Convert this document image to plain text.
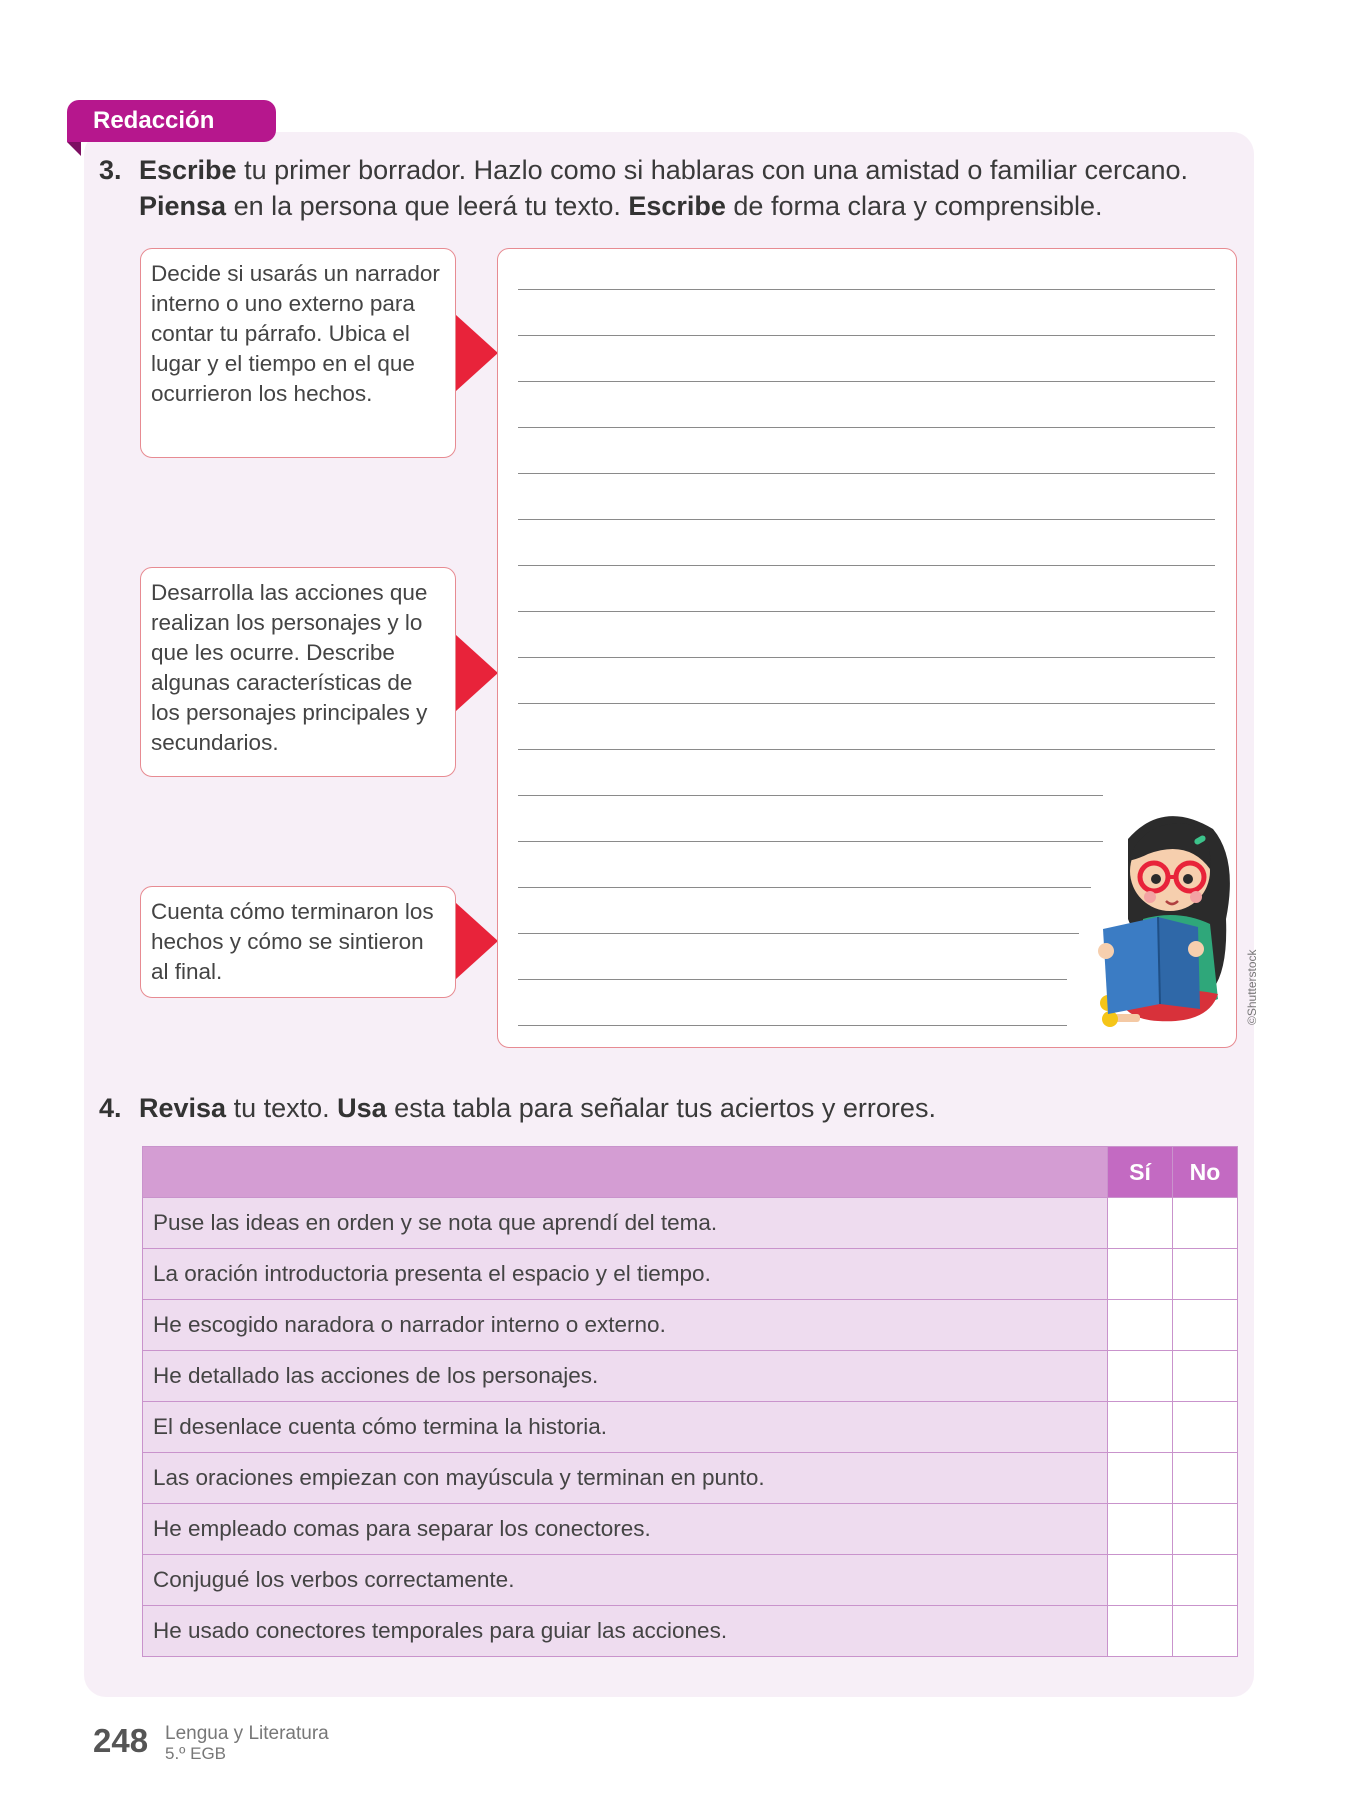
Redacción
3. Escribe tu primer borrador. Hazlo como si hablaras con una amistad o familiar cercano.
Piensa en la persona que leerá tu texto. Escribe de forma clara y comprensible.
Decide si usarás un narrador interno o uno externo para contar tu párrafo. Ubica el lugar y el tiempo en el que ocurrieron los hechos.
Desarrolla las acciones que realizan los personajes y lo que les ocurre. Describe algunas características de los personajes principales y secundarios.
Cuenta cómo terminaron los hechos y cómo se sintieron al final.	©Shutterstock
4. Revisa tu texto. Usa esta tabla para señalar tus aciertos y errores.
	Sí	No
Puse las ideas en orden y se nota que aprendí del tema.		
La oración introductoria presenta el espacio y el tiempo.		
He escogido naradora o narrador interno o externo.		
He detallado las acciones de los personajes.		
El desenlace cuenta cómo termina la historia.		
Las oraciones empiezan con mayúscula y terminan en punto.		
He empleado comas para separar los conectores.		
Conjugué los verbos correctamente.		
He usado conectores temporales para guiar las acciones.		
248 Lengua y Literatura
5.º EGB
